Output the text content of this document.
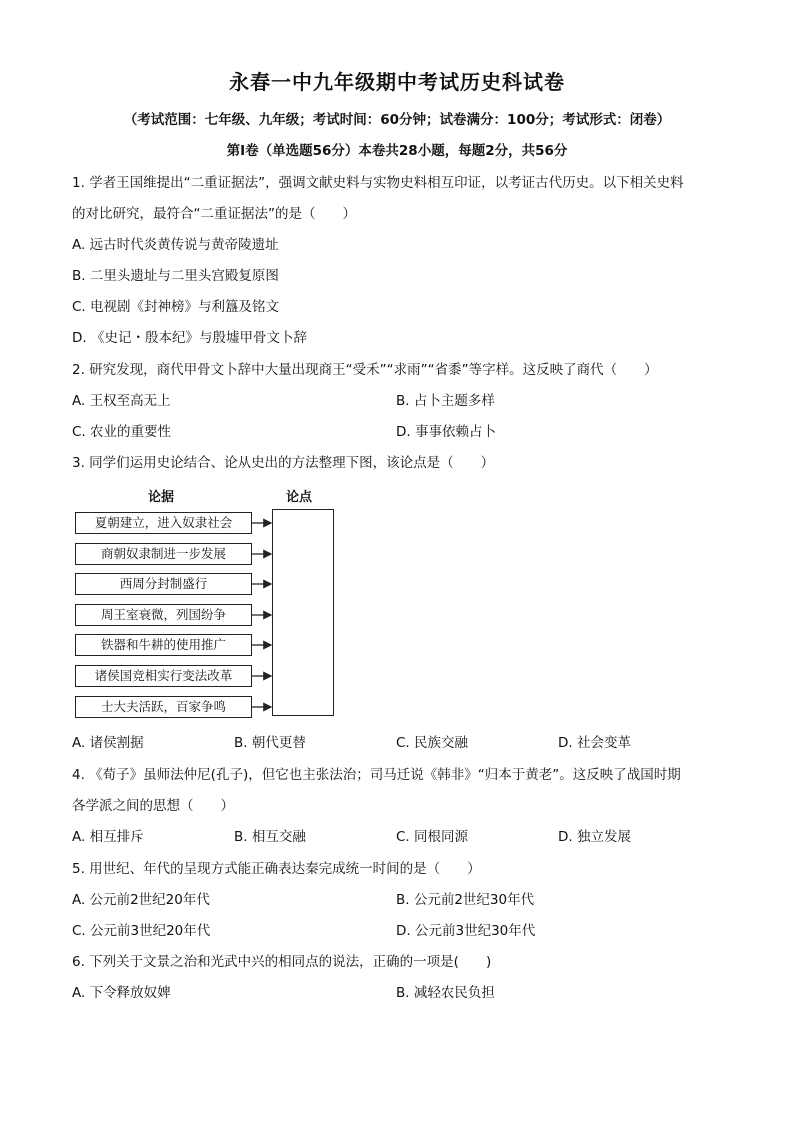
永春一中九年级期中考试历史科试卷
（考试范围：七年级、九年级；考试时间：60分钟；试卷满分：100分；考试形式：闭卷）
第I卷（单选题56分）本卷共28小题，每题2分，共56分
1. 学者王国维提出“二重证据法”，强调文献史料与实物史料相互印证，以考证古代历史。以下相关史料
的对比研究，最符合“二重证据法”的是（　　）
A. 远古时代炎黄传说与黄帝陵遗址
B. 二里头遗址与二里头宫殿复原图
C. 电视剧《封神榜》与利簋及铭文
D. 《史记・殷本纪》与殷墟甲骨文卜辞
2. 研究发现，商代甲骨文卜辞中大量出现商王“受禾”“求雨”“省黍”等字样。这反映了商代（　　）
A. 王权至高无上	B. 占卜主题多样
C. 农业的重要性	D. 事事依赖占卜
3. 同学们运用史论结合、论从史出的方法整理下图，该论点是（　　）
论据	论点
夏朝建立，进入奴隶社会
商朝奴隶制进一步发展
西周分封制盛行
周王室衰微，列国纷争
铁器和牛耕的使用推广
诸侯国竞相实行变法改革
士大夫活跃，百家争鸣
A. 诸侯割据	B. 朝代更替	C. 民族交融	D. 社会变革
4. 《荀子》虽师法仲尼(孔子)，但它也主张法治；司马迁说《韩非》“归本于黄老”。这反映了战国时期
各学派之间的思想（　　）
A. 相互排斥	B. 相互交融	C. 同根同源	D. 独立发展
5. 用世纪、年代的呈现方式能正确表达秦完成统一时间的是（　　）
A. 公元前2世纪20年代	B. 公元前2世纪30年代
C. 公元前3世纪20年代	D. 公元前3世纪30年代
6. 下列关于文景之治和光武中兴的相同点的说法，正确的一项是(　　)
A. 下令释放奴婢	B. 减轻农民负担
